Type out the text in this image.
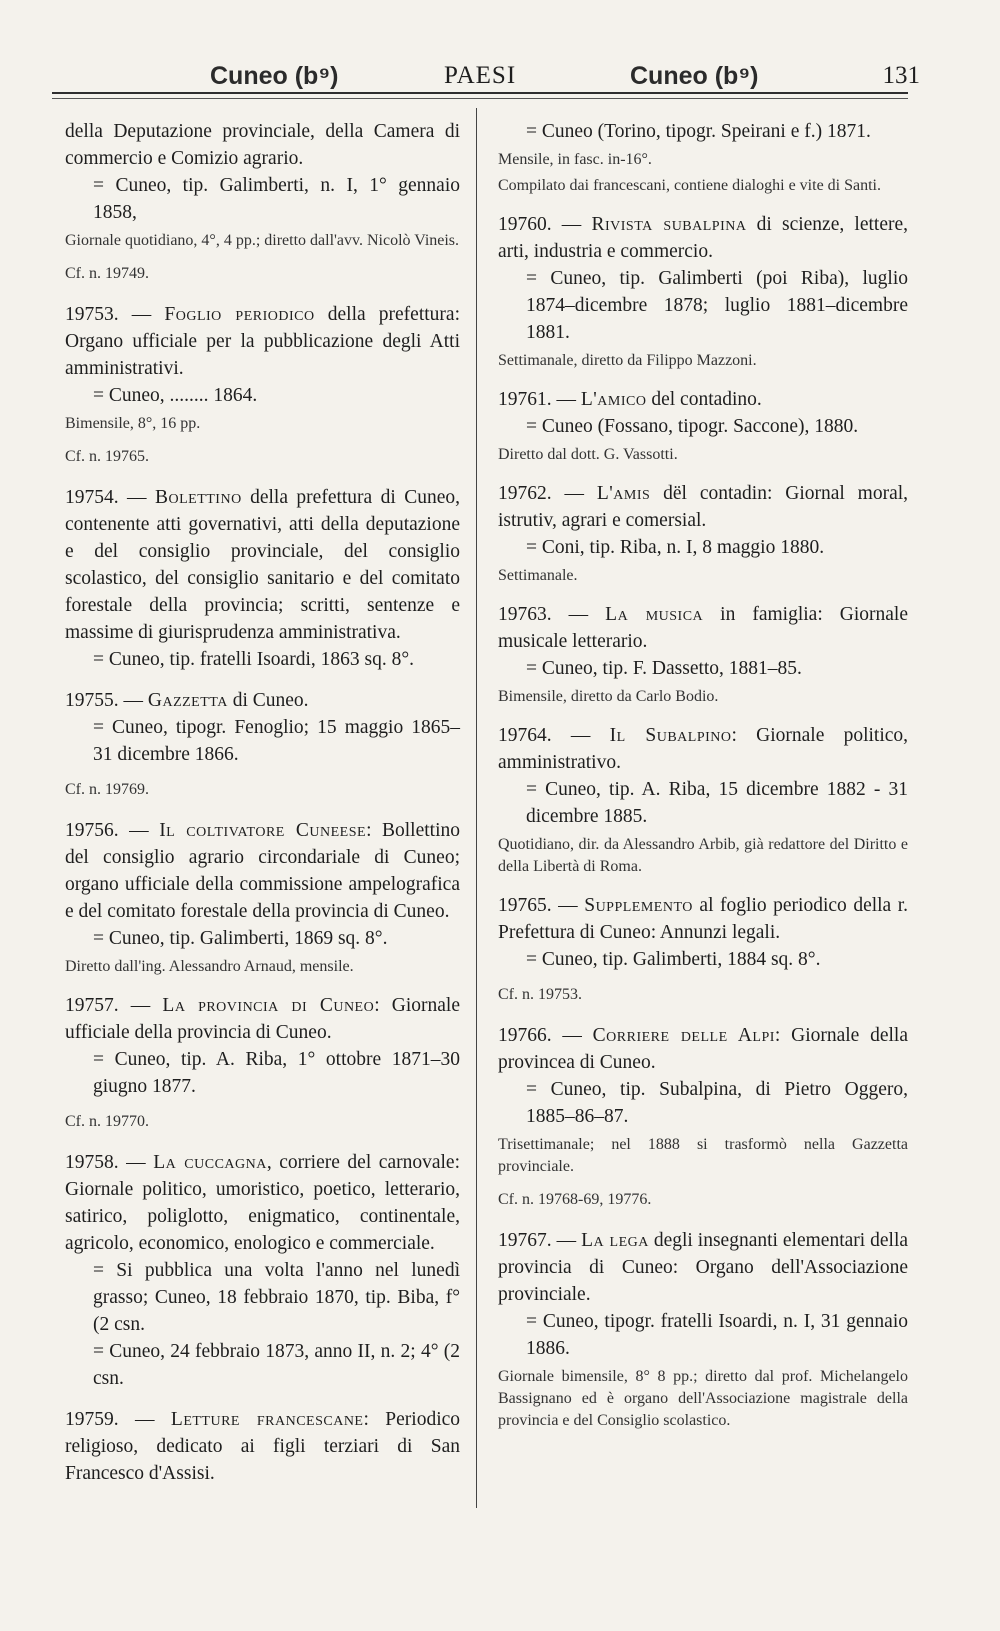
Cuneo (b⁹)	PAESI	Cuneo (b⁹)	131

della Deputazione provinciale, della Camera di commercio e Comizio agrario.

= Cuneo, tip. Galimberti, n. I, 1° gennaio 1858,

Giornale quotidiano, 4°, 4 pp.; diretto dall'avv. Nicolò Vineis.

Cf. n. 19749.

19753. — Foglio periodico della prefettura: Organo ufficiale per la pubblicazione degli Atti amministrativi.

= Cuneo, ........ 1864.

Bimensile, 8°, 16 pp.

Cf. n. 19765.

19754. — Bolettino della prefettura di Cuneo, contenente atti governativi, atti della deputazione e del consiglio provinciale, del consiglio scolastico, del consiglio sanitario e del comitato forestale della provincia; scritti, sentenze e massime di giurisprudenza amministrativa.

= Cuneo, tip. fratelli Isoardi, 1863 sq. 8°.

19755. — Gazzetta di Cuneo.

= Cuneo, tipogr. Fenoglio; 15 maggio 1865–31 dicembre 1866.

Cf. n. 19769.

19756. — Il coltivatore Cuneese: Bollettino del consiglio agrario circondariale di Cuneo; organo ufficiale della commissione ampelografica e del comitato forestale della provincia di Cuneo.

= Cuneo, tip. Galimberti, 1869 sq. 8°.

Diretto dall'ing. Alessandro Arnaud, mensile.

19757. — La provincia di Cuneo: Giornale ufficiale della provincia di Cuneo.

= Cuneo, tip. A. Riba, 1° ottobre 1871–30 giugno 1877.

Cf. n. 19770.

19758. — La cuccagna, corriere del carnovale: Giornale politico, umoristico, poetico, letterario, satirico, poliglotto, enigmatico, continentale, agricolo, economico, enologico e commerciale.

= Si pubblica una volta l'anno nel lunedì grasso; Cuneo, 18 febbraio 1870, tip. Biba, f° (2 csn.

= Cuneo, 24 febbraio 1873, anno II, n. 2; 4° (2 csn.

19759. — Letture francescane: Periodico religioso, dedicato ai figli terziari di San Francesco d'Assisi.

= Cuneo (Torino, tipogr. Speirani e f.) 1871.

Mensile, in fasc. in-16°.

Compilato dai francescani, contiene dialoghi e vite di Santi.

19760. — Rivista subalpina di scienze, lettere, arti, industria e commercio.

= Cuneo, tip. Galimberti (poi Riba), luglio 1874–dicembre 1878; luglio 1881–dicembre 1881.

Settimanale, diretto da Filippo Mazzoni.

19761. — L'amico del contadino.

= Cuneo (Fossano, tipogr. Saccone), 1880.

Diretto dal dott. G. Vassotti.

19762. — L'amis dël contadin: Giornal moral, istrutiv, agrari e comersial.

= Coni, tip. Riba, n. I, 8 maggio 1880.

Settimanale.

19763. — La musica in famiglia: Giornale musicale letterario.

= Cuneo, tip. F. Dassetto, 1881–85.

Bimensile, diretto da Carlo Bodio.

19764. — Il Subalpino: Giornale politico, amministrativo.

= Cuneo, tip. A. Riba, 15 dicembre 1882 - 31 dicembre 1885.

Quotidiano, dir. da Alessandro Arbib, già redattore del Diritto e della Libertà di Roma.

19765. — Supplemento al foglio periodico della r. Prefettura di Cuneo: Annunzi legali.

= Cuneo, tip. Galimberti, 1884 sq. 8°.

Cf. n. 19753.

19766. — Corriere delle Alpi: Giornale della provincea di Cuneo.

= Cuneo, tip. Subalpina, di Pietro Oggero, 1885–86–87.

Trisettimanale; nel 1888 si trasformò nella Gazzetta provinciale.

Cf. n. 19768-69, 19776.

19767. — La lega degli insegnanti elementari della provincia di Cuneo: Organo dell'Associazione provinciale.

= Cuneo, tipogr. fratelli Isoardi, n. I, 31 gennaio 1886.

Giornale bimensile, 8° 8 pp.; diretto dal prof. Michelangelo Bassignano ed è organo dell'Associazione magistrale della provincia e del Consiglio scolastico.
